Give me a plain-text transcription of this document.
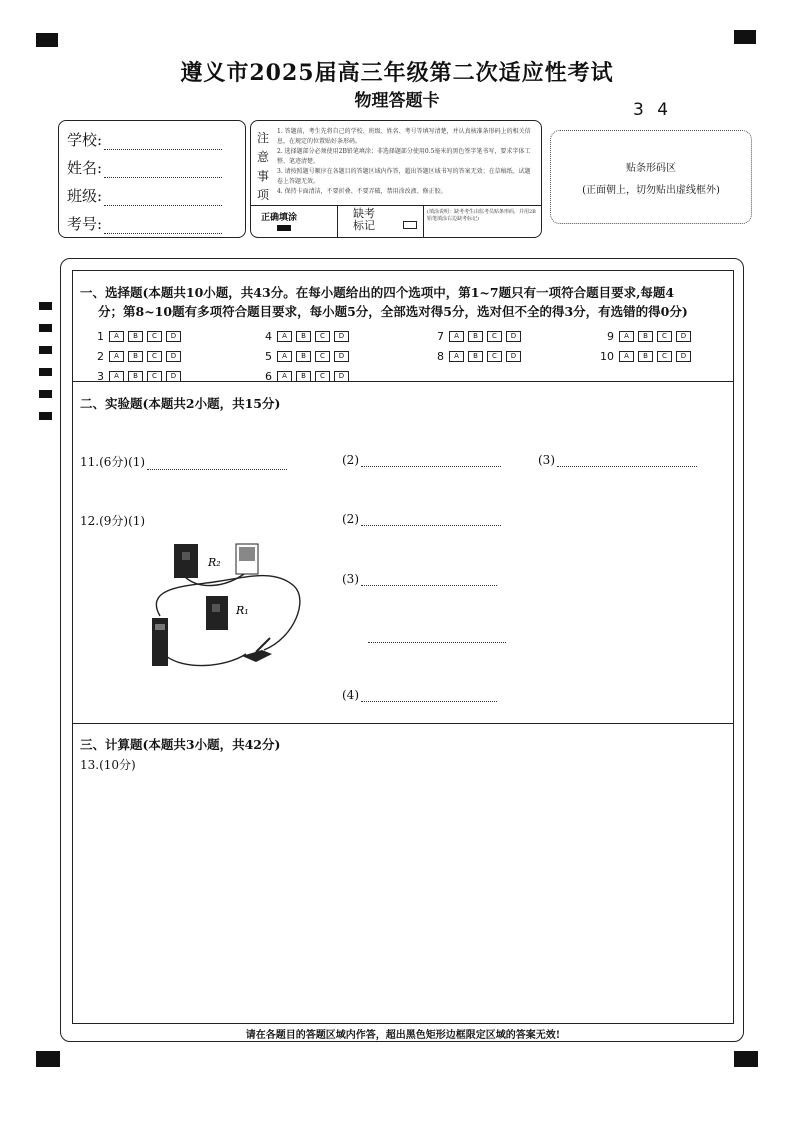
遵义市2025届高三年级第二次适应性考试
物理答题卡	3 4
学校:
姓名:
班级:
考号:
注意事项
1. 答题前，考生先将自己的学校、班级、姓名、考号等填写清楚，并认真核准条形码上的相关信息，在规定的位置贴好条形码。
2. 选择题部分必须使用2B铅笔填涂；非选择题部分使用0.5毫米的黑色签字笔书写，要求字体工整、笔迹清楚。
3. 请按照题号顺序在各题目的答题区域内作答，超出答题区域书写的答案无效；在草稿纸、试题卷上答题无效。
4. 保持卡面清洁，不要折叠、不要弄破，禁用涂改液、修正胶。
正确填涂	缺考标记
(填涂说明：缺考考生由监考员贴条形码，并用2B铅笔填涂右边缺考标记)
贴条形码区
(正面朝上，切勿贴出虚线框外)
一、选择题(本题共10小题，共43分。在每小题给出的四个选项中，第1~7题只有一项符合题目要求,每题4
分；第8~10题有多项符合题目要求，每小题5分，全部选对得5分，选对但不全的得3分，有选错的得0分)
1	A	B	C	D
2	A	B	C	D
3	A	B	C	D
4	A	B	C	D
5	A	B	C	D
6	A	B	C	D
7	A	B	C	D
8	A	B	C	D
9	A	B	C	D
10	A	B	C	D
二、实验题(本题共2小题，共15分)
11.(6分)(1)	(2)	(3)
12.(9分)(1)	(2)
(3)
(4)
R₂
R₁
三、计算题(本题共3小题，共42分)
13.(10分)
请在各题目的答题区域内作答，超出黑色矩形边框限定区域的答案无效!
